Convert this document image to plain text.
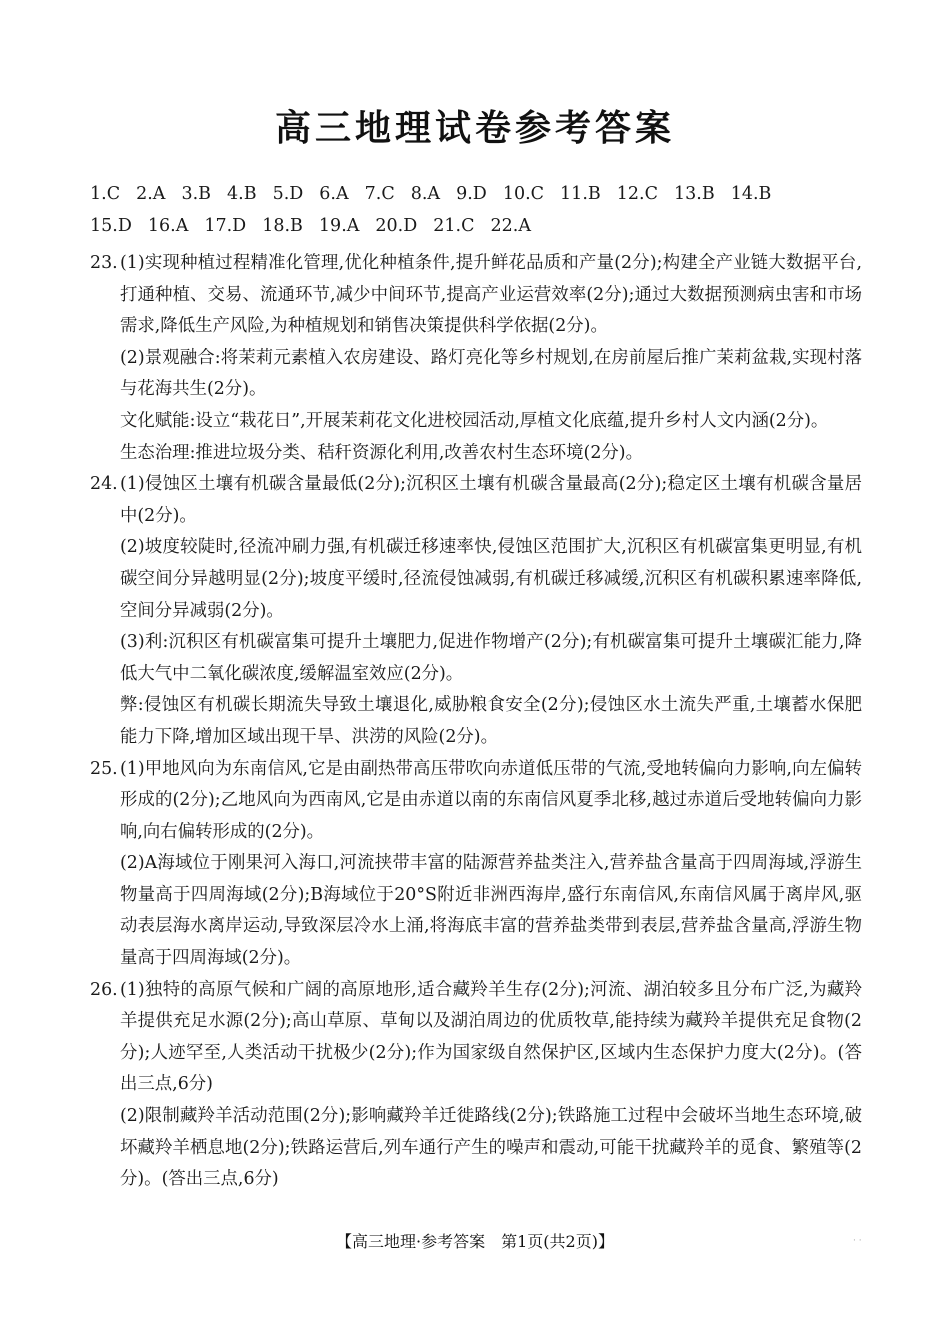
高三地理试卷参考答案
1.C 2.A 3.B 4.B 5.D 6.A 7.C 8.A 9.D 10.C 11.B 12.C 13.B 14.B
15.D 16.A 17.D 18.B 19.A 20.D 21.C 22.A

23. (1)实现种植过程精准化管理,优化种植条件,提升鲜花品质和产量(2分);构建全产业链大数据平台,打通种植、交易、流通环节,减少中间环节,提高产业运营效率(2分);通过大数据预测病虫害和市场需求,降低生产风险,为种植规划和销售决策提供科学依据(2分)。

(2)景观融合:将茉莉元素植入农房建设、路灯亮化等乡村规划,在房前屋后推广茉莉盆栽,实现村落与花海共生(2分)。

文化赋能:设立“栽花日”,开展茉莉花文化进校园活动,厚植文化底蕴,提升乡村人文内涵(2分)。

生态治理:推进垃圾分类、秸秆资源化利用,改善农村生态环境(2分)。

24. (1)侵蚀区土壤有机碳含量最低(2分);沉积区土壤有机碳含量最高(2分);稳定区土壤有机碳含量居中(2分)。

(2)坡度较陡时,径流冲刷力强,有机碳迁移速率快,侵蚀区范围扩大,沉积区有机碳富集更明显,有机碳空间分异越明显(2分);坡度平缓时,径流侵蚀减弱,有机碳迁移减缓,沉积区有机碳积累速率降低,空间分异减弱(2分)。

(3)利:沉积区有机碳富集可提升土壤肥力,促进作物增产(2分);有机碳富集可提升土壤碳汇能力,降低大气中二氧化碳浓度,缓解温室效应(2分)。

弊:侵蚀区有机碳长期流失导致土壤退化,威胁粮食安全(2分);侵蚀区水土流失严重,土壤蓄水保肥能力下降,增加区域出现干旱、洪涝的风险(2分)。

25. (1)甲地风向为东南信风,它是由副热带高压带吹向赤道低压带的气流,受地转偏向力影响,向左偏转形成的(2分);乙地风向为西南风,它是由赤道以南的东南信风夏季北移,越过赤道后受地转偏向力影响,向右偏转形成的(2分)。

(2)A海域位于刚果河入海口,河流挟带丰富的陆源营养盐类注入,营养盐含量高于四周海域,浮游生物量高于四周海域(2分);B海域位于20°S附近非洲西海岸,盛行东南信风,东南信风属于离岸风,驱动表层海水离岸运动,导致深层冷水上涌,将海底丰富的营养盐类带到表层,营养盐含量高,浮游生物量高于四周海域(2分)。

26. (1)独特的高原气候和广阔的高原地形,适合藏羚羊生存(2分);河流、湖泊较多且分布广泛,为藏羚羊提供充足水源(2分);高山草原、草甸以及湖泊周边的优质牧草,能持续为藏羚羊提供充足食物(2分);人迹罕至,人类活动干扰极少(2分);作为国家级自然保护区,区域内生态保护力度大(2分)。(答出三点,6分)

(2)限制藏羚羊活动范围(2分);影响藏羚羊迁徙路线(2分);铁路施工过程中会破坏当地生态环境,破坏藏羚羊栖息地(2分);铁路运营后,列车通行产生的噪声和震动,可能干扰藏羚羊的觅食、繁殖等(2分)。(答出三点,6分)

【高三地理·参考答案　第1页(共2页)】	· ·
